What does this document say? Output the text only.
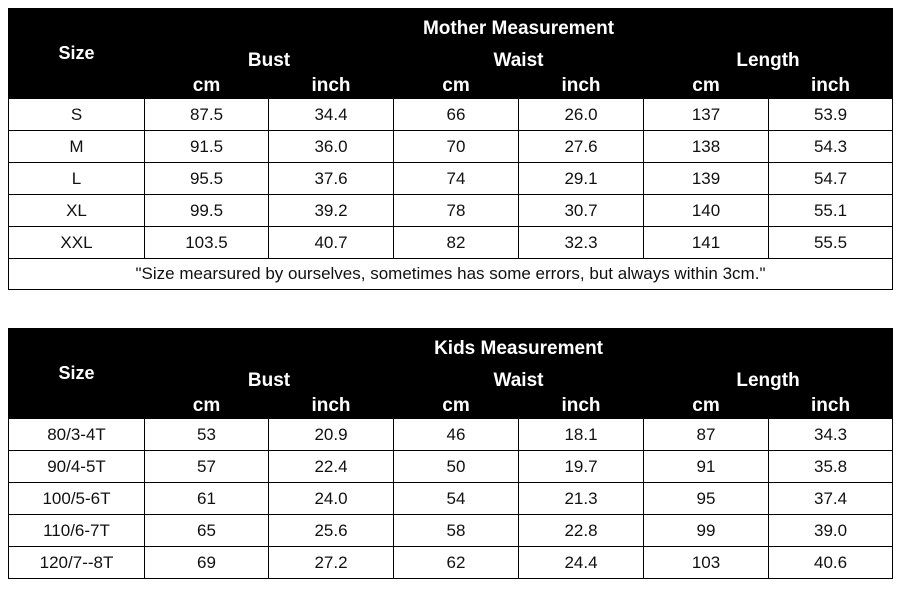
Size	Mother Measurement					
	Bust		Waist		Length	
	cm	inch	cm	inch	cm	inch
S	87.5	34.4	66	26.0	137	53.9
M	91.5	36.0	70	27.6	138	54.3
L	95.5	37.6	74	29.1	139	54.7
XL	99.5	39.2	78	30.7	140	55.1
XXL	103.5	40.7	82	32.3	141	55.5
"Size mearsured by ourselves, sometimes has some errors, but always within 3cm."						
Size	Kids Measurement					
	Bust		Waist		Length	
	cm	inch	cm	inch	cm	inch
80/3-4T	53	20.9	46	18.1	87	34.3
90/4-5T	57	22.4	50	19.7	91	35.8
100/5-6T	61	24.0	54	21.3	95	37.4
110/6-7T	65	25.6	58	22.8	99	39.0
120/7--8T	69	27.2	62	24.4	103	40.6
